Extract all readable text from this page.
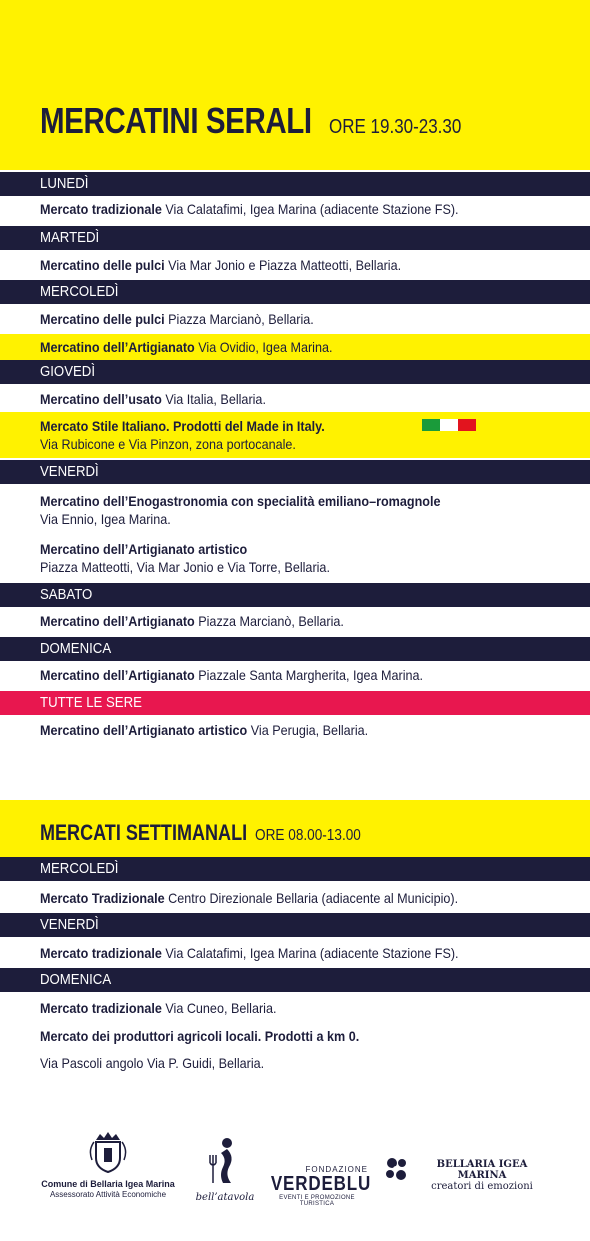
MERCATINI SERALI ORE 19.30-23.30
LUNEDÌ
Mercato tradizionale Via Calatafimi, Igea Marina (adiacente Stazione FS).
MARTEDÌ
Mercatino delle pulci Via Mar Jonio e Piazza Matteotti, Bellaria.
MERCOLEDÌ
Mercatino delle pulci Piazza Marcianò, Bellaria.
Mercatino dell’Artigianato Via Ovidio, Igea Marina.
GIOVEDÌ
Mercatino dell’usato Via Italia, Bellaria.
Mercato Stile Italiano. Prodotti del Made in Italy.
Via Rubicone e Via Pinzon, zona portocanale.
VENERDÌ
Mercatino dell’Enogastronomia con specialità emiliano–romagnole
Via Ennio, Igea Marina.
Mercatino dell’Artigianato artistico
Piazza Matteotti, Via Mar Jonio e Via Torre, Bellaria.
SABATO
Mercatino dell’Artigianato Piazza Marcianò, Bellaria.
DOMENICA
Mercatino dell’Artigianato Piazzale Santa Margherita, Igea Marina.
TUTTE LE SERE
Mercatino dell’Artigianato artistico Via Perugia, Bellaria.
MERCATI SETTIMANALI ORE 08.00-13.00
MERCOLEDÌ
Mercato Tradizionale Centro Direzionale Bellaria (adiacente al Municipio).
VENERDÌ
Mercato tradizionale Via Calatafimi, Igea Marina (adiacente Stazione FS).
DOMENICA
Mercato tradizionale Via Cuneo, Bellaria.
Mercato dei produttori agricoli locali. Prodotti a km 0.
Via Pascoli angolo Via P. Guidi, Bellaria.
Comune di Bellaria Igea Marina
Assessorato Attività Economiche	bell’atavola
FONDAZIONE
VERDEBLU
EVENTI E PROMOZIONE TURISTICA
BELLARIA IGEA MARINA
creatori di emozioni
